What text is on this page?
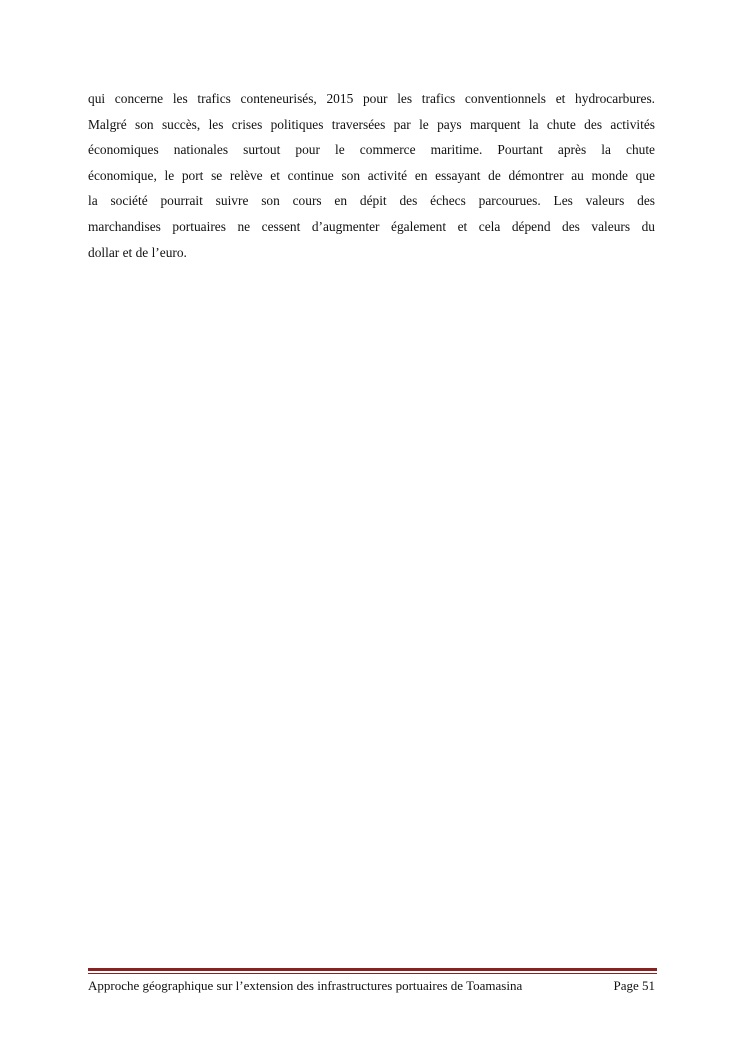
qui concerne les trafics conteneurisés, 2015 pour les trafics conventionnels et hydrocarbures.
Malgré son succès, les crises politiques traversées par le pays marquent la chute des activités
économiques nationales surtout pour le commerce maritime. Pourtant après la chute
économique, le port se relève et continue son activité en essayant de démontrer au monde que
la société pourrait suivre son cours en dépit des échecs parcourues. Les valeurs des
marchandises portuaires ne cessent d’augmenter également et cela dépend des valeurs du
dollar et de l’euro.
Approche géographique sur l’extension des infrastructures portuaires de Toamasina	Page 51
